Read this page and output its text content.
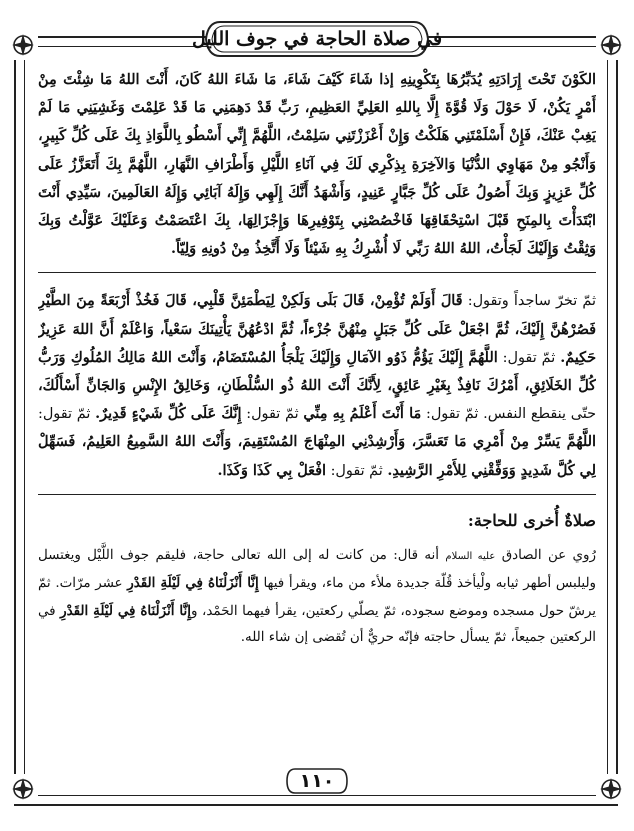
في صلاة الحاجة في جوف الليل

الكَوْنَ تَحْتَ إِرَادَتِهِ يُدَبِّرُهَا بِتَكْوِينِهِ إذا شَاءَ كَيْفَ شَاءَ، مَا شَاءَ اللهُ كَانَ، أَنْتَ اللهُ مَا شِئْتَ مِنْ أَمْرٍ يَكُنْ، لَا حَوْلَ وَلَا قُوَّةَ إِلَّا بِاللهِ العَلِيِّ العَظِيمِ، رَبِّ قَدْ دَهِمَنِي مَا قَدْ عَلِمْتَ وَغَشِيَنِي مَا لَمْ يَغِبْ عَنْكَ، فَإِنْ أَسْلَمْتَنِي هَلَكْتُ وَإِنْ أَعْزَزْتَنِي سَلِمْتُ، اللَّهُمَّ إِنِّي أَسْطُو بِاللَّوَاذِ بِكَ عَلَى كُلِّ كَبِيرٍ، وَأَنْجُو مِنْ مَهَاوِي الدُّنْيَا وَالآخِرَةِ بِذِكْرِي لَكَ فِي آنَاءِ اللَّيْلِ وَأَطْرَافِ النَّهَارِ، اللَّهُمَّ بِكَ أَتَعَزَّزُ عَلَى كُلِّ عَزِيزٍ وَبِكَ أَصُولُ عَلَى كُلِّ جَبَّارٍ عَنِيدٍ، وَأَشْهَدُ أَنَّكَ إِلَهِي وَإِلَهُ آبَائِي وَإِلَهُ العَالَمِينَ، سَيِّدِي أَنْتَ ابْتَدَأْتَ بِالمِنَحِ قَبْلَ اسْتِحْقَاقِهَا فَاخْصُصْنِي بِتَوْفِيرِهَا وَإِجْزَالِهَا، بِكَ اعْتَصَمْتُ وَعَلَيْكَ عَوَّلْتُ وَبِكَ وَثِقْتُ وَإِلَيْكَ لَجَأْتُ، اللهُ اللهُ رَبِّي لَا أُشْرِكُ بِهِ شَيْئاً وَلَا أَتَّخِذُ مِنْ دُونِهِ وَلِيّاً.

ثمّ تخرّ ساجداً وتقول: قَالَ أَوَلَمْ تُؤْمِنْ، قَالَ بَلَى وَلَكِنْ لِيَطْمَئِنَّ قَلْبِي، قَالَ فَخُذْ أَرْبَعَةً مِنَ الطَّيْرِ فَصُرْهُنَّ إِلَيْكَ، ثُمَّ اجْعَلْ عَلَى كُلِّ جَبَلٍ مِنْهُنَّ جُزْءاً، ثُمَّ ادْعُهُنَّ يَأْتِينَكَ سَعْياً، وَاعْلَمْ أَنَّ اللهَ عَزِيزٌ حَكِيمٌ. ثمّ تقول: اللَّهُمَّ إِلَيْكَ يَؤُمُّ ذَوُو الآمَالِ وَإِلَيْكَ يَلْجَأُ المُسْتَضَامُ، وَأَنْتَ اللهُ مَالِكُ المُلُوكِ وَرَبُّ كُلِّ الخَلَائِقِ، أَمْرُكَ نَافِذٌ بِغَيْرِ عَائِقٍ، لِأَنَّكَ أَنْتَ اللهُ ذُو السُّلْطَانِ، وَخَالِقُ الإِنْسِ وَالجَانِّ أَسْأَلُكَ، حتّى ينقطع النفس. ثمّ تقول: مَا أَنْتَ أَعْلَمُ بِهِ مِنِّي ثمّ تقول: إِنَّكَ عَلَى كُلِّ شَيْءٍ قَدِيرٌ. ثمّ تقول: اللَّهُمَّ يَسِّرْ مِنْ أَمْرِي مَا تَعَسَّرَ، وَأَرْشِدْنِي المِنْهَاجَ المُسْتَقِيمَ، وَأَنْتَ اللهُ السَّمِيعُ العَلِيمُ، فَسَهِّلْ لِي كُلَّ شَدِيدٍ وَوَفِّقْنِي لِلأَمْرِ الرَّشِيدِ. ثمّ تقول: افْعَلْ بِي كَذَا وَكَذَا.

صلاةٌ أُخرى للحاجة:

رُوي عن الصادق عليه السلام أنه قال: من كانت له إلى الله تعالى حاجة، فليقم جوف اللَّيْل ويغتسل وليلبس أطهر ثيابه ولْيأخذ قُلّة جديدة ملأء من ماء، ويقرأ فيها إِنَّا أَنْزَلْنَاهُ فِي لَيْلَةِ القَدْرِ عشر مرّات. ثمّ يرشّ حول مسجده وموضع سجوده، ثمّ يصلّي ركعتين، يقرأ فيهما الحَمْد، وإِنَّا أَنْزَلْنَاهُ فِي لَيْلَةِ القَدْرِ في الركعتين جميعاً، ثمّ يسأل حاجته فإنّه حريٌّ أن تُقضى إن شاء الله.

١١٠
